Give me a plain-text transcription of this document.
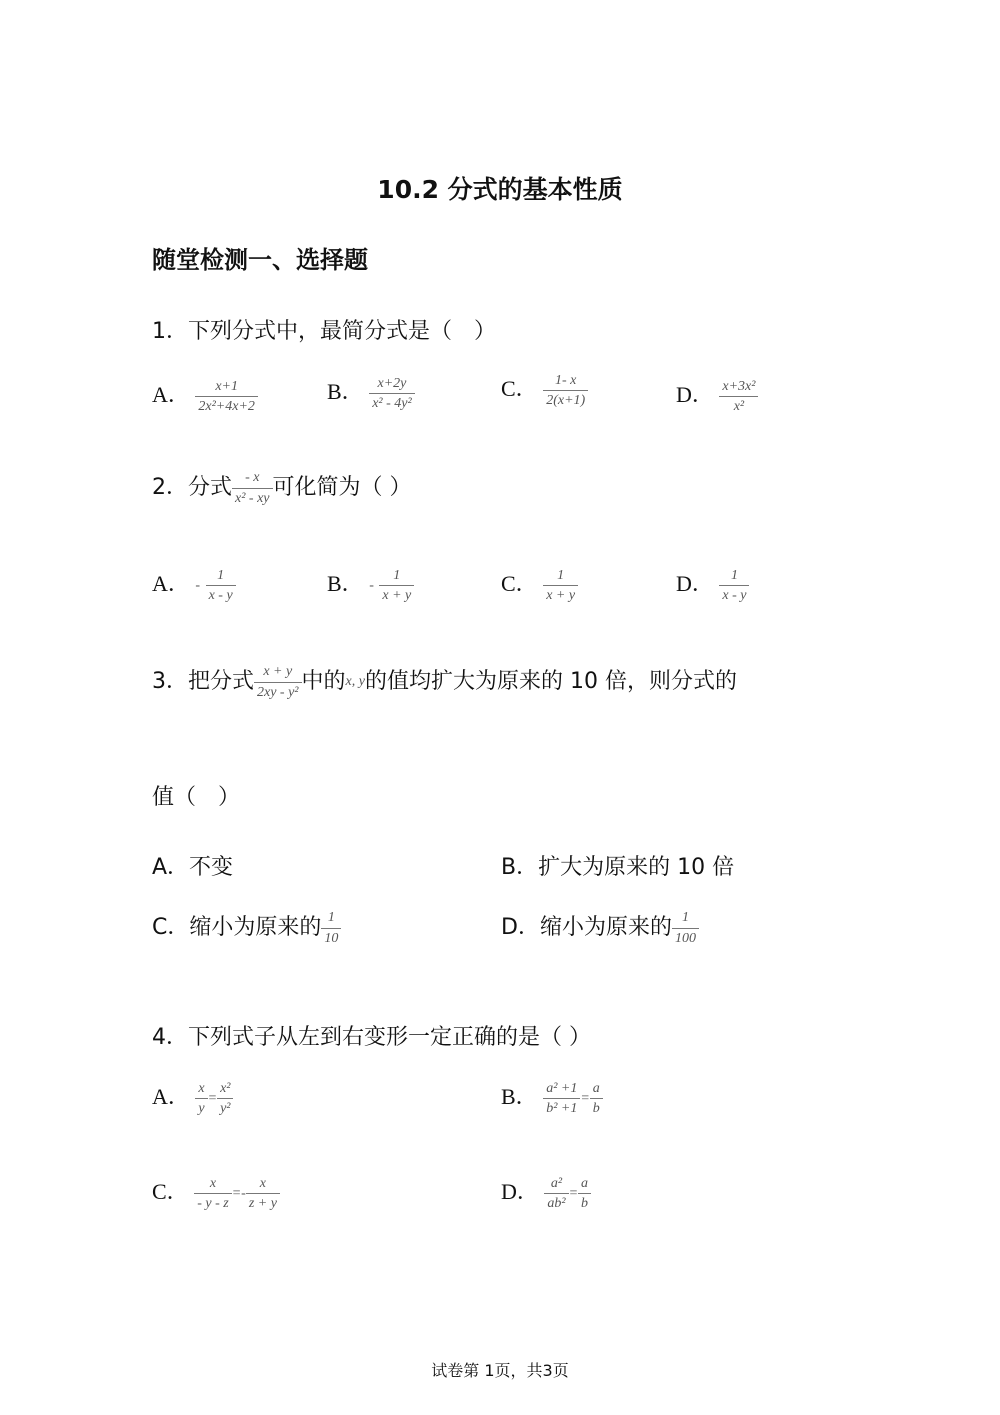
10.2 分式的基本性质
随堂检测一、选择题
1．下列分式中，最简分式是（　）
A． $\frac{x+1}{\text{2x²+4x+2}}$	B． $\frac{x+2y}{\text{x² - 4y²}}$	C． $\frac{1- x}{2(x+1)}$	D． $\frac{\text{x+3x²}}{\text{x²}}$
2．分式 $\frac{- x}{\text{x² - xy}}$ 可化简为（ ）
A． - $\frac{1}{x - y}$	B． - $\frac{1}{x + y}$	C． $\frac{1}{x + y}$	D． $\frac{1}{x - y}$
3．把分式 $\frac{x + y}{\text{2xy - y²}}$ 中的x, y的值均扩大为原来的 10 倍，则分式的
值（　）
A．不变	B．扩大为原来的 10 倍
C．缩小为原来的 $\frac{1}{10}$	D．缩小为原来的 $\frac{1}{100}$
4．下列式子从左到右变形一定正确的是（ ）
A． $\frac{x}{y} = \frac{\text{x²}}{\text{y²}}$	B． $\frac{\text{a² +1}}{\text{b² +1}} = \frac{a}{b}$
C． $\frac{x}{- y - z} =- \frac{x}{z + y}$	D． $\frac{\text{a²}}{\text{ab²}} = \frac{a}{b}$
试卷第 1页，共3页
